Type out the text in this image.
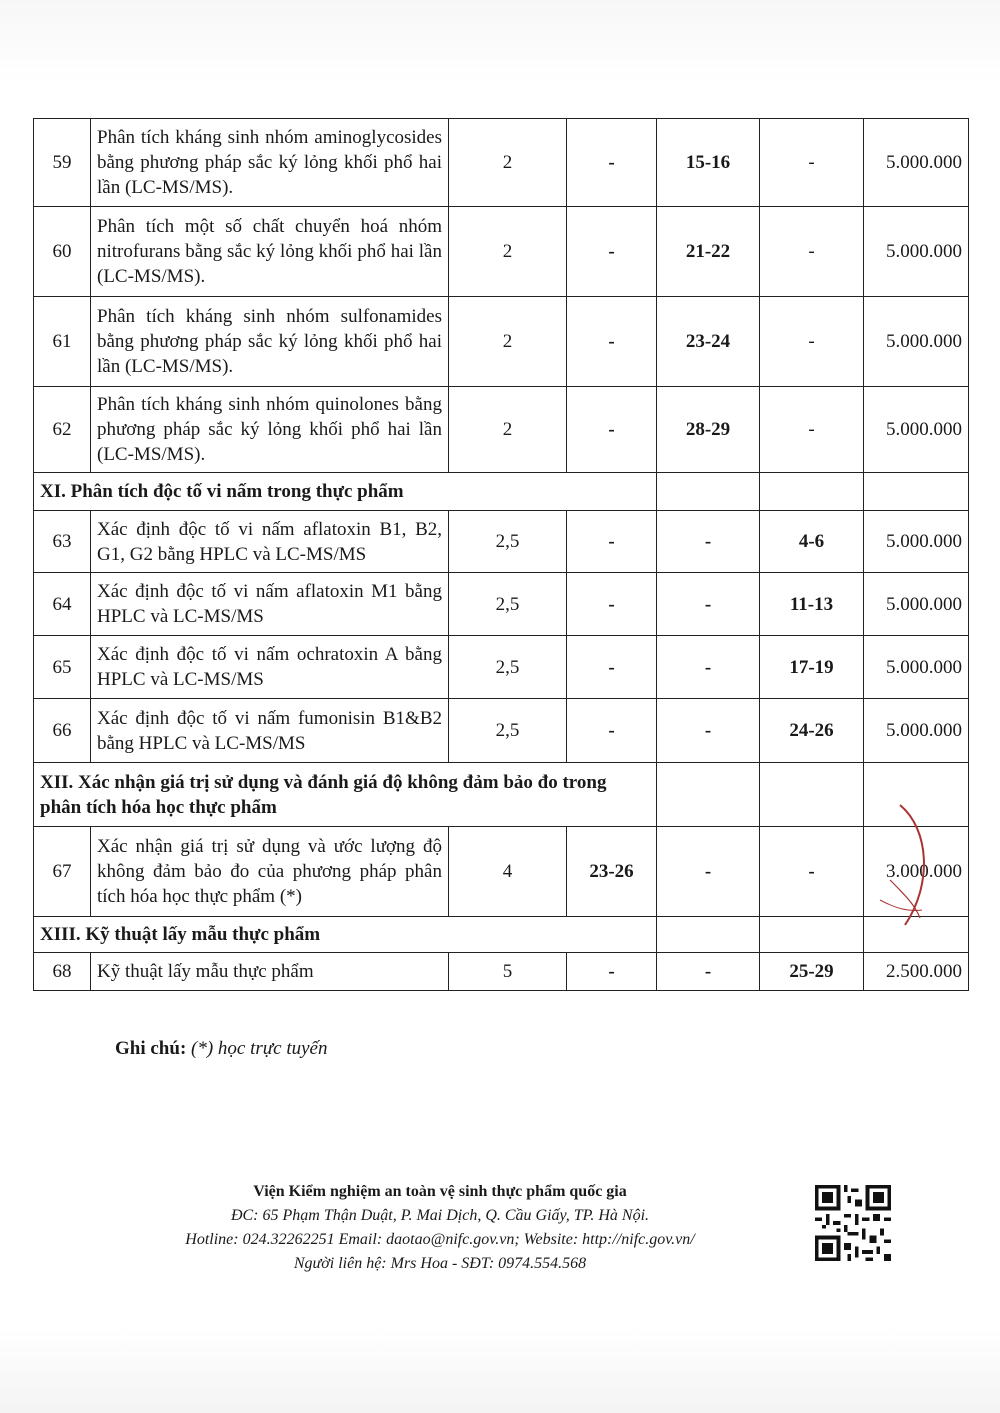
59	Phân tích kháng sinh nhóm aminoglycosides bằng phương pháp sắc ký lỏng khối phổ hai lần (LC-MS/MS).	2	-	15-16	-	5.000.000
60	Phân tích một số chất chuyển hoá nhóm nitrofurans bằng sắc ký lỏng khối phổ hai lần (LC-MS/MS).	2	-	21-22	-	5.000.000
61	Phân tích kháng sinh nhóm sulfonamides bằng phương pháp sắc ký lỏng khối phổ hai lần (LC-MS/MS).	2	-	23-24	-	5.000.000
62	Phân tích kháng sinh nhóm quinolones bằng phương pháp sắc ký lỏng khối phổ hai lần (LC-MS/MS).	2	-	28-29	-	5.000.000
XI. Phân tích độc tố vi nấm trong thực phẩm						
63	Xác định độc tố vi nấm aflatoxin B1, B2, G1, G2 bằng HPLC và LC-MS/MS	2,5	-	-	4-6	5.000.000
64	Xác định độc tố vi nấm aflatoxin M1 bằng HPLC và LC-MS/MS	2,5	-	-	11-13	5.000.000
65	Xác định độc tố vi nấm ochratoxin A bằng HPLC và LC-MS/MS	2,5	-	-	17-19	5.000.000
66	Xác định độc tố vi nấm fumonisin B1&B2 bằng HPLC và LC-MS/MS	2,5	-	-	24-26	5.000.000
XII. Xác nhận giá trị sử dụng và đánh giá độ không đảm bảo đo trong phân tích hóa học thực phẩm						
67	Xác nhận giá trị sử dụng và ước lượng độ không đảm bảo đo của phương pháp phân tích hóa học thực phẩm (*)	4	23-26	-	-	3.000.000
XIII. Kỹ thuật lấy mẫu thực phẩm						
68	Kỹ thuật lấy mẫu thực phẩm	5	-	-	25-29	2.500.000
Ghi chú: (*) học trực tuyến
Viện Kiểm nghiệm an toàn vệ sinh thực phẩm quốc gia
ĐC: 65 Phạm Thận Duật, P. Mai Dịch, Q. Cầu Giấy, TP. Hà Nội.
Hotline: 024.32262251 Email: daotao@nifc.gov.vn; Website: http://nifc.gov.vn/
Người liên hệ: Mrs Hoa - SĐT: 0974.554.568
